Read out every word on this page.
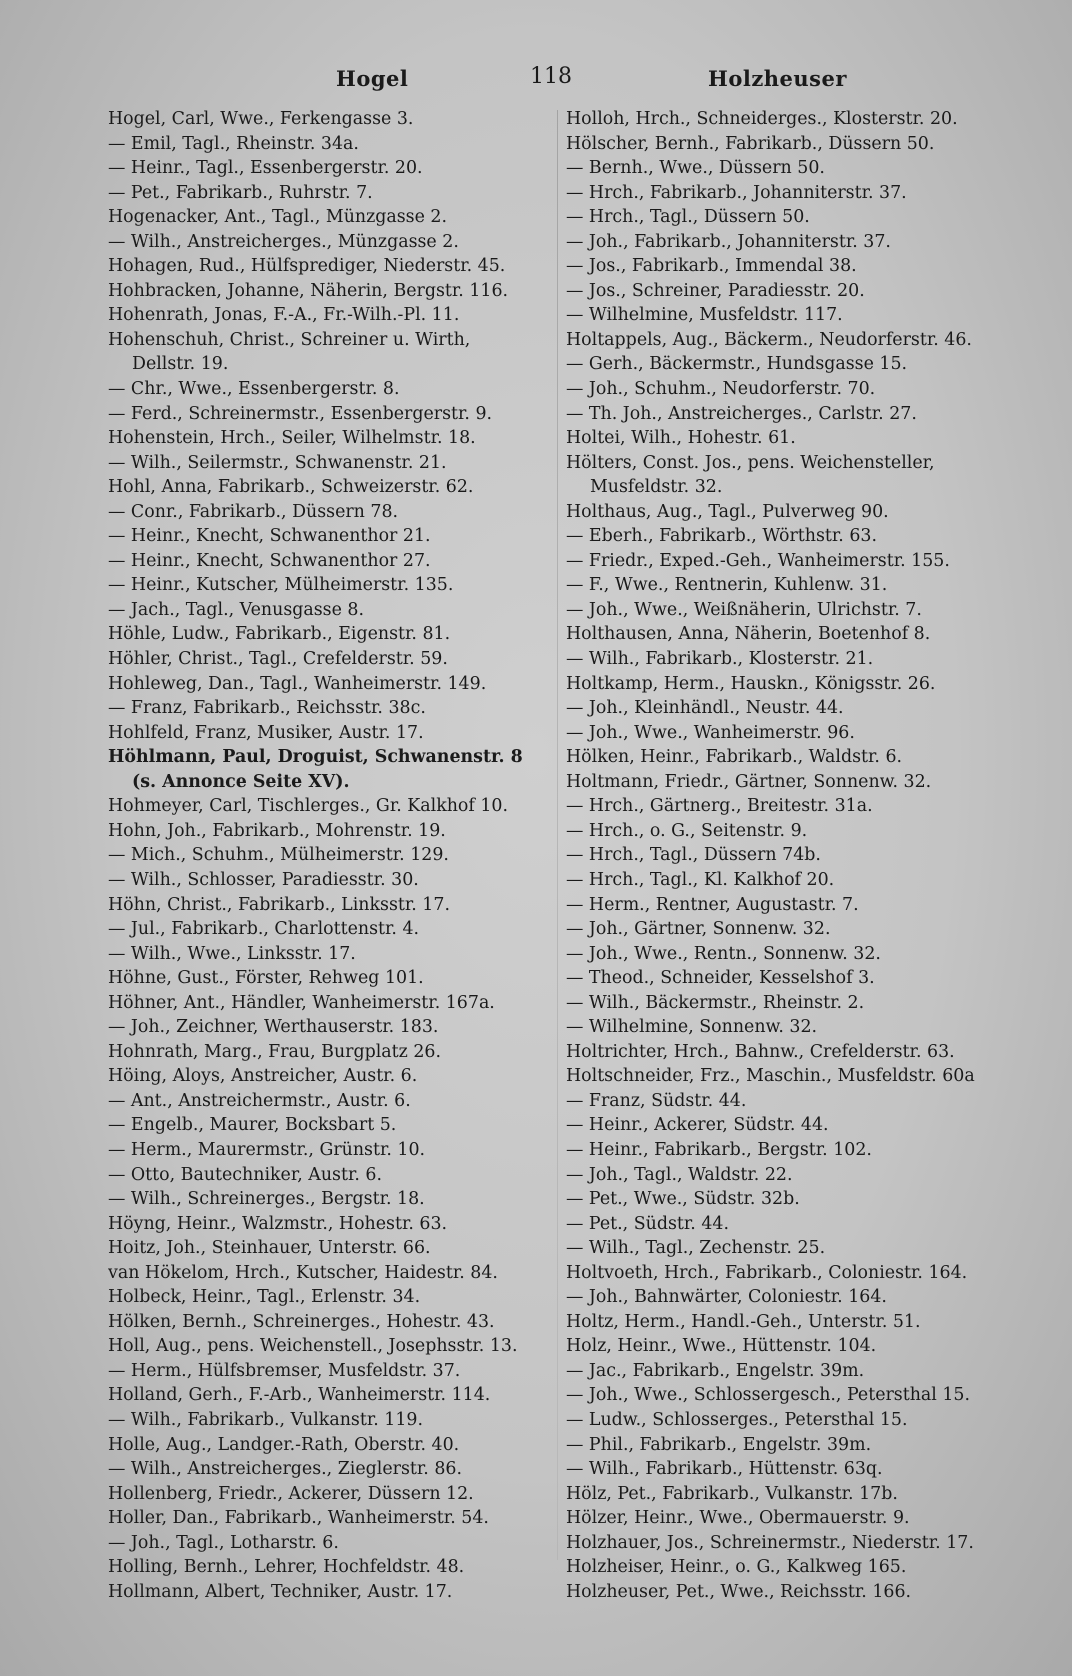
Hogel	118	Holzheuser
Hogel, Carl, Wwe., Ferkengasse 3.
— Emil, Tagl., Rheinstr. 34a.
— Heinr., Tagl., Essenbergerstr. 20.
— Pet., Fabrikarb., Ruhrstr. 7.
Hogenacker, Ant., Tagl., Münzgasse 2.
— Wilh., Anstreicherges., Münzgasse 2.
Hohagen, Rud., Hülfsprediger, Niederstr. 45.
Hohbracken, Johanne, Näherin, Bergstr. 116.
Hohenrath, Jonas, F.-A., Fr.-Wilh.-Pl. 11.
Hohenschuh, Christ., Schreiner u. Wirth,
Dellstr. 19.
— Chr., Wwe., Essenbergerstr. 8.
— Ferd., Schreinermstr., Essenbergerstr. 9.
Hohenstein, Hrch., Seiler, Wilhelmstr. 18.
— Wilh., Seilermstr., Schwanenstr. 21.
Hohl, Anna, Fabrikarb., Schweizerstr. 62.
— Conr., Fabrikarb., Düssern 78.
— Heinr., Knecht, Schwanenthor 21.
— Heinr., Knecht, Schwanenthor 27.
— Heinr., Kutscher, Mülheimerstr. 135.
— Jach., Tagl., Venusgasse 8.
Höhle, Ludw., Fabrikarb., Eigenstr. 81.
Höhler, Christ., Tagl., Crefelderstr. 59.
Hohleweg, Dan., Tagl., Wanheimerstr. 149.
— Franz, Fabrikarb., Reichsstr. 38c.
Hohlfeld, Franz, Musiker, Austr. 17.
Höhlmann, Paul, Droguist, Schwanenstr. 8
(s. Annonce Seite XV).
Hohmeyer, Carl, Tischlerges., Gr. Kalkhof 10.
Hohn, Joh., Fabrikarb., Mohrenstr. 19.
— Mich., Schuhm., Mülheimerstr. 129.
— Wilh., Schlosser, Paradiesstr. 30.
Höhn, Christ., Fabrikarb., Linksstr. 17.
— Jul., Fabrikarb., Charlottenstr. 4.
— Wilh., Wwe., Linksstr. 17.
Höhne, Gust., Förster, Rehweg 101.
Höhner, Ant., Händler, Wanheimerstr. 167a.
— Joh., Zeichner, Werthauserstr. 183.
Hohnrath, Marg., Frau, Burgplatz 26.
Höing, Aloys, Anstreicher, Austr. 6.
— Ant., Anstreichermstr., Austr. 6.
— Engelb., Maurer, Bocksbart 5.
— Herm., Maurermstr., Grünstr. 10.
— Otto, Bautechniker, Austr. 6.
— Wilh., Schreinerges., Bergstr. 18.
Höyng, Heinr., Walzmstr., Hohestr. 63.
Hoitz, Joh., Steinhauer, Unterstr. 66.
van Hökelom, Hrch., Kutscher, Haidestr. 84.
Holbeck, Heinr., Tagl., Erlenstr. 34.
Hölken, Bernh., Schreinerges., Hohestr. 43.
Holl, Aug., pens. Weichenstell., Josephsstr. 13.
— Herm., Hülfsbremser, Musfeldstr. 37.
Holland, Gerh., F.-Arb., Wanheimerstr. 114.
— Wilh., Fabrikarb., Vulkanstr. 119.
Holle, Aug., Landger.-Rath, Oberstr. 40.
— Wilh., Anstreicherges., Zieglerstr. 86.
Hollenberg, Friedr., Ackerer, Düssern 12.
Holler, Dan., Fabrikarb., Wanheimerstr. 54.
— Joh., Tagl., Lotharstr. 6.
Holling, Bernh., Lehrer, Hochfeldstr. 48.
Hollmann, Albert, Techniker, Austr. 17.
Holloh, Hrch., Schneiderges., Klosterstr. 20.
Hölscher, Bernh., Fabrikarb., Düssern 50.
— Bernh., Wwe., Düssern 50.
— Hrch., Fabrikarb., Johanniterstr. 37.
— Hrch., Tagl., Düssern 50.
— Joh., Fabrikarb., Johanniterstr. 37.
— Jos., Fabrikarb., Immendal 38.
— Jos., Schreiner, Paradiesstr. 20.
— Wilhelmine, Musfeldstr. 117.
Holtappels, Aug., Bäckerm., Neudorferstr. 46.
— Gerh., Bäckermstr., Hundsgasse 15.
— Joh., Schuhm., Neudorferstr. 70.
— Th. Joh., Anstreicherges., Carlstr. 27.
Holtei, Wilh., Hohestr. 61.
Hölters, Const. Jos., pens. Weichensteller,
Musfeldstr. 32.
Holthaus, Aug., Tagl., Pulverweg 90.
— Eberh., Fabrikarb., Wörthstr. 63.
— Friedr., Exped.-Geh., Wanheimerstr. 155.
— F., Wwe., Rentnerin, Kuhlenw. 31.
— Joh., Wwe., Weißnäherin, Ulrichstr. 7.
Holthausen, Anna, Näherin, Boetenhof 8.
— Wilh., Fabrikarb., Klosterstr. 21.
Holtkamp, Herm., Hauskn., Königsstr. 26.
— Joh., Kleinhändl., Neustr. 44.
— Joh., Wwe., Wanheimerstr. 96.
Hölken, Heinr., Fabrikarb., Waldstr. 6.
Holtmann, Friedr., Gärtner, Sonnenw. 32.
— Hrch., Gärtnerg., Breitestr. 31a.
— Hrch., o. G., Seitenstr. 9.
— Hrch., Tagl., Düssern 74b.
— Hrch., Tagl., Kl. Kalkhof 20.
— Herm., Rentner, Augustastr. 7.
— Joh., Gärtner, Sonnenw. 32.
— Joh., Wwe., Rentn., Sonnenw. 32.
— Theod., Schneider, Kesselshof 3.
— Wilh., Bäckermstr., Rheinstr. 2.
— Wilhelmine, Sonnenw. 32.
Holtrichter, Hrch., Bahnw., Crefelderstr. 63.
Holtschneider, Frz., Maschin., Musfeldstr. 60a
— Franz, Südstr. 44.
— Heinr., Ackerer, Südstr. 44.
— Heinr., Fabrikarb., Bergstr. 102.
— Joh., Tagl., Waldstr. 22.
— Pet., Wwe., Südstr. 32b.
— Pet., Südstr. 44.
— Wilh., Tagl., Zechenstr. 25.
Holtvoeth, Hrch., Fabrikarb., Coloniestr. 164.
— Joh., Bahnwärter, Coloniestr. 164.
Holtz, Herm., Handl.-Geh., Unterstr. 51.
Holz, Heinr., Wwe., Hüttenstr. 104.
— Jac., Fabrikarb., Engelstr. 39m.
— Joh., Wwe., Schlossergesch., Petersthal 15.
— Ludw., Schlosserges., Petersthal 15.
— Phil., Fabrikarb., Engelstr. 39m.
— Wilh., Fabrikarb., Hüttenstr. 63q.
Hölz, Pet., Fabrikarb., Vulkanstr. 17b.
Hölzer, Heinr., Wwe., Obermauerstr. 9.
Holzhauer, Jos., Schreinermstr., Niederstr. 17.
Holzheiser, Heinr., o. G., Kalkweg 165.
Holzheuser, Pet., Wwe., Reichsstr. 166.
